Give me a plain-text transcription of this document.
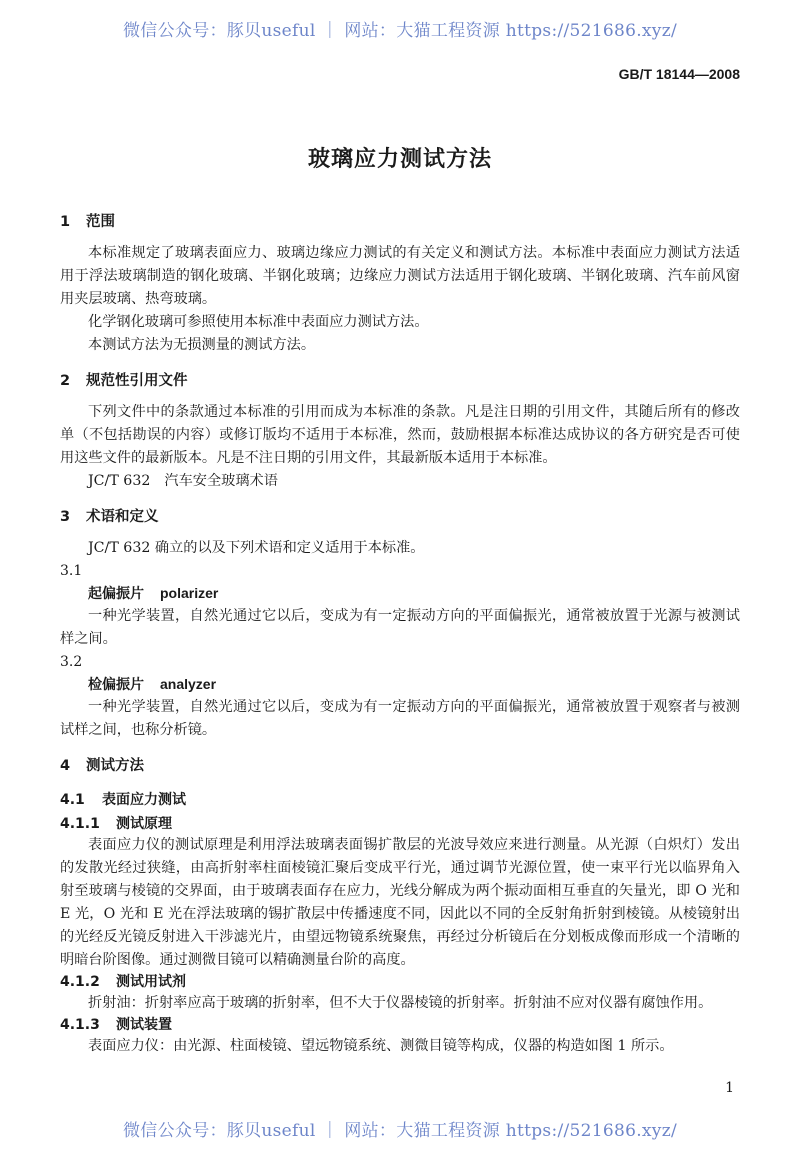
微信公众号：豚贝useful ｜ 网站：大猫工程资源 https://521686.xyz/
GB/T 18144—2008
玻璃应力测试方法
1 范围

本标准规定了玻璃表面应力、玻璃边缘应力测试的有关定义和测试方法。本标准中表面应力测试方法适用于浮法玻璃制造的钢化玻璃、半钢化玻璃；边缘应力测试方法适用于钢化玻璃、半钢化玻璃、汽车前风窗用夹层玻璃、热弯玻璃。

化学钢化玻璃可参照使用本标准中表面应力测试方法。

本测试方法为无损测量的测试方法。

2 规范性引用文件

下列文件中的条款通过本标准的引用而成为本标准的条款。凡是注日期的引用文件，其随后所有的修改单（不包括勘误的内容）或修订版均不适用于本标准，然而，鼓励根据本标准达成协议的各方研究是否可使用这些文件的最新版本。凡是不注日期的引用文件，其最新版本适用于本标准。

JC/T 632 汽车安全玻璃术语

3 术语和定义

JC/T 632 确立的以及下列术语和定义适用于本标准。

3.1

起偏振片 polarizer

一种光学装置，自然光通过它以后，变成为有一定振动方向的平面偏振光，通常被放置于光源与被测试样之间。

3.2

检偏振片 analyzer

一种光学装置，自然光通过它以后，变成为有一定振动方向的平面偏振光，通常被放置于观察者与被测试样之间，也称分析镜。

4 测试方法
4.1 表面应力测试
4.1.1 测试原理

表面应力仪的测试原理是利用浮法玻璃表面锡扩散层的光波导效应来进行测量。从光源（白炽灯）发出的发散光经过狭缝，由高折射率柱面棱镜汇聚后变成平行光，通过调节光源位置，使一束平行光以临界角入射至玻璃与棱镜的交界面，由于玻璃表面存在应力，光线分解成为两个振动面相互垂直的矢量光，即 O 光和 E 光，O 光和 E 光在浮法玻璃的锡扩散层中传播速度不同，因此以不同的全反射角折射到棱镜。从棱镜射出的光经反光镜反射进入干涉滤光片，由望远物镜系统聚焦，再经过分析镜后在分划板成像而形成一个清晰的明暗台阶图像。通过测微目镜可以精确测量台阶的高度。

4.1.2 测试用试剂

折射油：折射率应高于玻璃的折射率，但不大于仪器棱镜的折射率。折射油不应对仪器有腐蚀作用。

4.1.3 测试装置

表面应力仪：由光源、柱面棱镜、望远物镜系统、测微目镜等构成，仪器的构造如图 1 所示。

1
微信公众号：豚贝useful ｜ 网站：大猫工程资源 https://521686.xyz/
